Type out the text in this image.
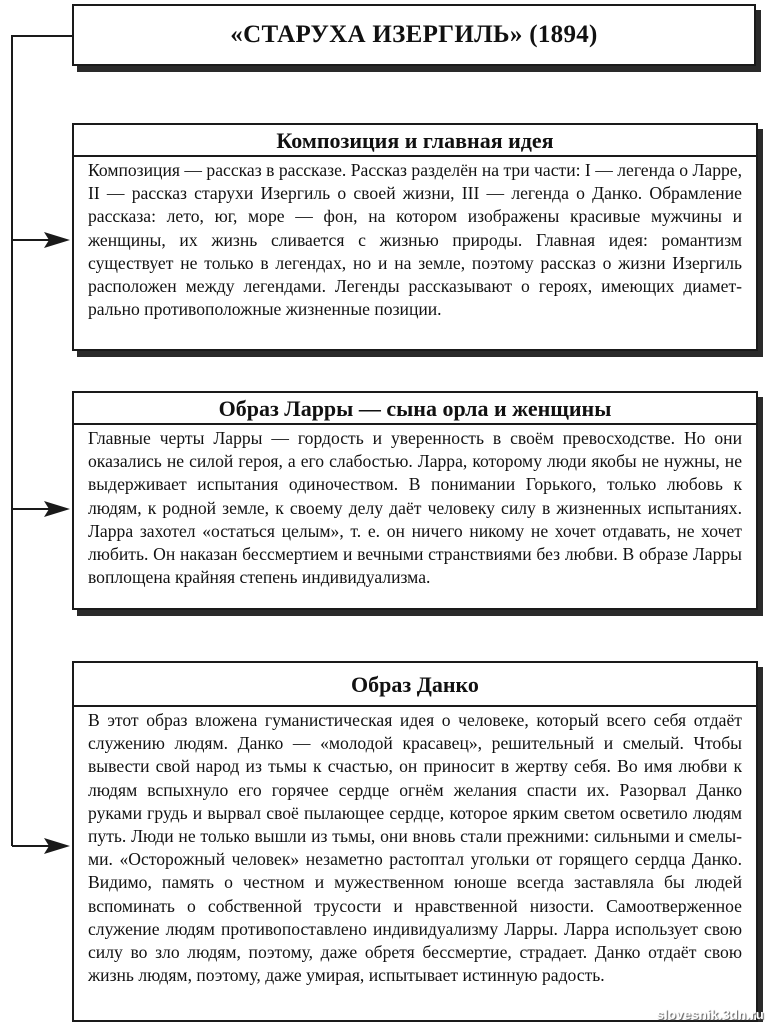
«СТАРУХА ИЗЕРГИЛЬ» (1894)
Композиция и главная идея
Композиция — рассказ в рассказе. Рассказ разделён на три части: I — легенда о Ларре, II — рассказ старухи Изергиль о своей жизни, III — легенда о Данко. Обрамление рассказа: лето, юг, море — фон, на котором изображены красивые мужчины и женщины, их жизнь сливается с жизнью природы. Главная идея: романтизм существует не только в легендах, но и на земле, поэтому рассказ о жизни Изергиль расположен между легендами. Легенды рассказывают о героях, имеющих диаметрально противоположные жизненные позиции.
Образ Ларры — сына орла и женщины
Главные черты Ларры — гордость и уверенность в своём превосходстве. Но они оказались не силой героя, а его слабостью. Ларра, которому люди якобы не нужны, не выдерживает испытания одиночеством. В понимании Горького, только любовь к людям, к родной земле, к своему делу даёт человеку силу в жизненных испытаниях. Ларра захотел «остаться целым», т. е. он ничего никому не хочет отдавать, не хочет любить. Он наказан бессмертием и вечными странствиями без любви. В образе Ларры воплощена крайняя степень индивидуализма.
Образ Данко
В этот образ вложена гуманистическая идея о человеке, который всего себя отдаёт служению людям. Данко — «молодой красавец», решительный и смелый. Чтобы вывести свой народ из тьмы к счастью, он приносит в жертву себя. Во имя любви к людям вспыхнуло его горячее сердце огнём желания спасти их. Разорвал Данко руками грудь и вырвал своё пылающее сердце, которое ярким светом осветило людям путь. Люди не только вышли из тьмы, они вновь стали прежними: сильными и смелыми. «Осторожный человек» незаметно растоптал угольки от горящего сердца Данко. Видимо, память о честном и мужественном юноше всегда заставляла бы людей вспоминать о собственной трусости и нравственной низости. Самоотверженное служение людям противопоставлено индивидуализму Ларры. Ларра использует свою силу во зло людям, поэтому, даже обретя бессмертие, страдает. Данко отдаёт свою жизнь людям, поэтому, даже умирая, испытывает истинную радость.
slovesnik.3dn.ru
